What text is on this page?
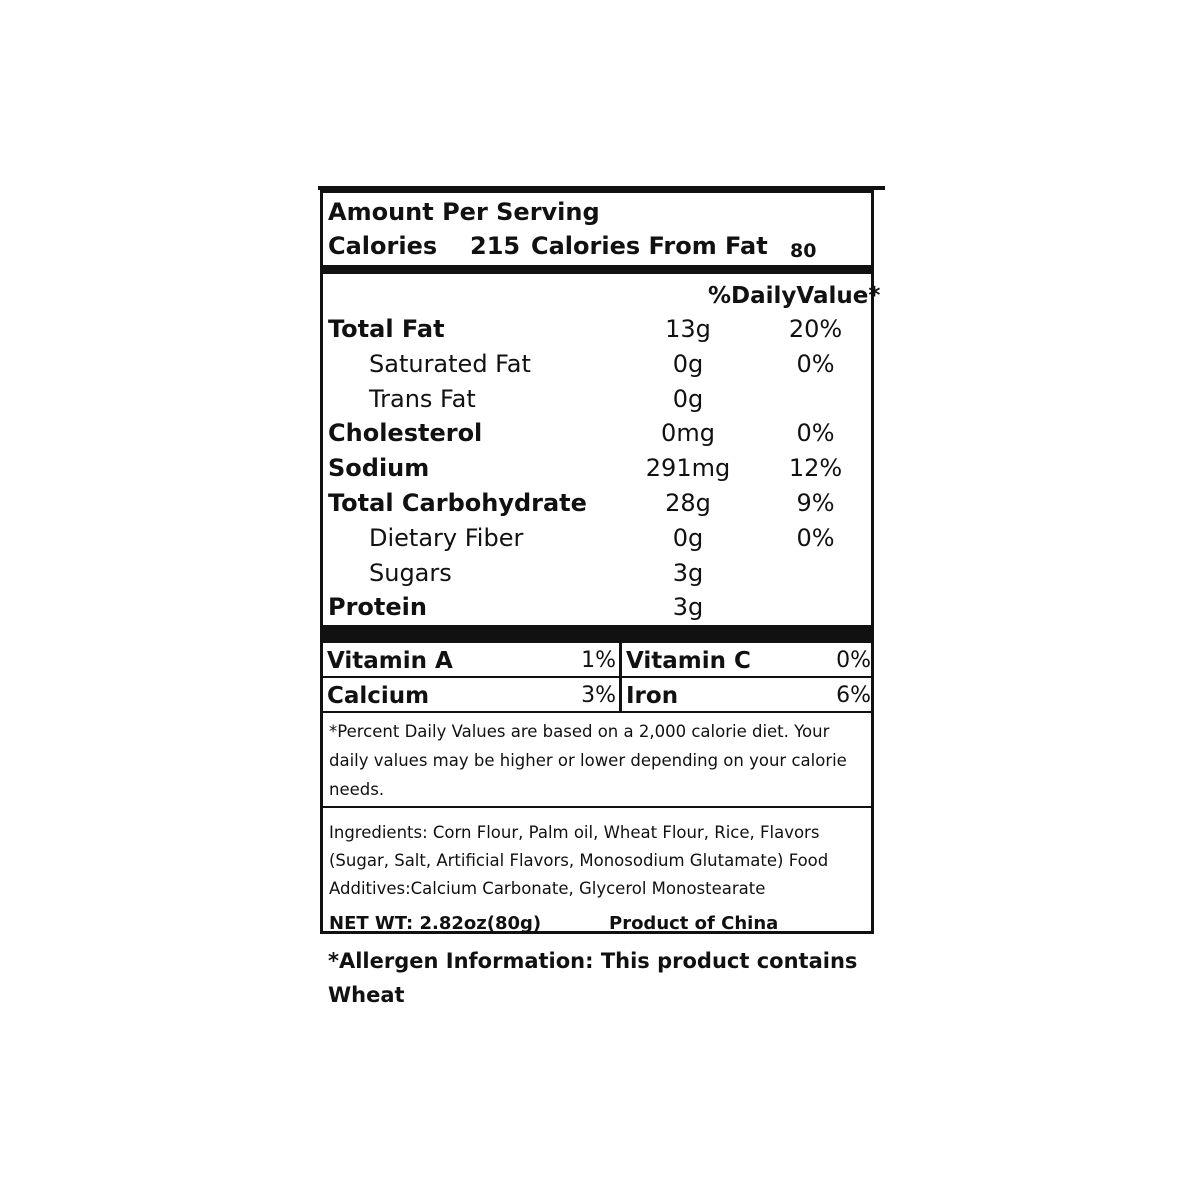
Amount Per Serving
Calories 215 Calories From Fat 80
%DailyValue*
Total Fat	13g	20%
Saturated Fat	0g	0%
Trans Fat	0g
Cholesterol	0mg	0%
Sodium	291mg	12%
Total Carbohydrate	28g	9%
Dietary Fiber	0g	0%
Sugars	3g
Protein	3g
Vitamin A	1% Vitamin C	0%
Calcium	3% Iron	6%
*Percent Daily Values are based on a 2,000 calorie diet. Your daily values may be higher or lower depending on your calorie needs.
Ingredients: Corn Flour, Palm oil, Wheat Flour, Rice, Flavors (Sugar, Salt, Artificial Flavors, Monosodium Glutamate) Food Additives:Calcium Carbonate, Glycerol Monostearate
NET WT: 2.82oz(80g)	Product of China
*Allergen Information: This product contains Wheat
